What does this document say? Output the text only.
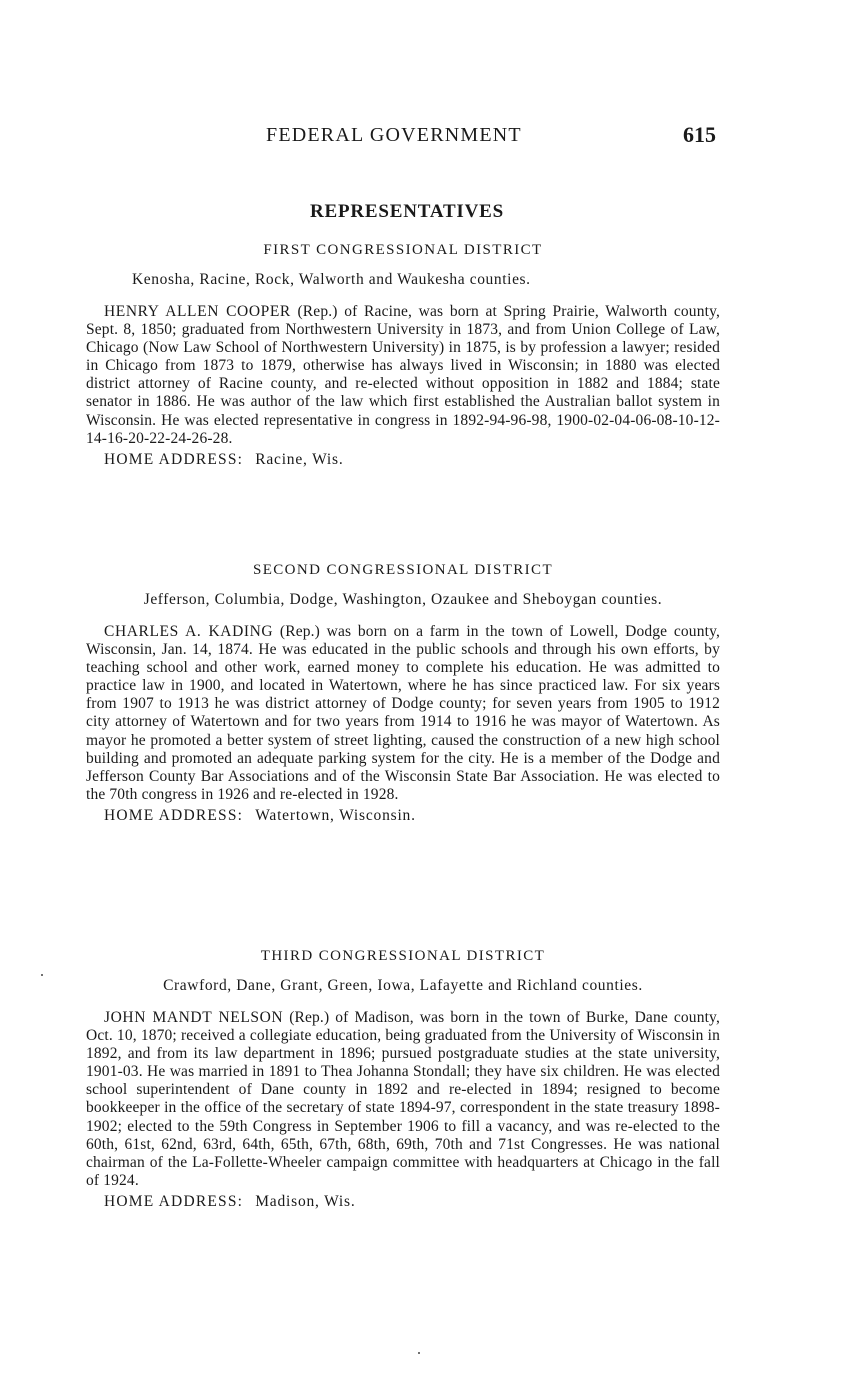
FEDERAL GOVERNMENT	615
REPRESENTATIVES
FIRST CONGRESSIONAL DISTRICT
Kenosha, Racine, Rock, Walworth and Waukesha counties.

HENRY ALLEN COOPER (Rep.) of Racine, was born at Spring Prairie, Walworth county, Sept. 8, 1850; graduated from Northwestern University in 1873, and from Union College of Law, Chicago (Now Law School of Northwestern University) in 1875, is by profession a lawyer; resided in Chicago from 1873 to 1879, otherwise has always lived in Wisconsin; in 1880 was elected district attorney of Racine county, and re-elected without opposition in 1882 and 1884; state senator in 1886. He was author of the law which first established the Australian ballot system in Wisconsin. He was elected representative in congress in 1892-94-96-98, 1900-02-04-06-08-10-12-14-16-20-22-24-26-28.

HOME ADDRESS: Racine, Wis.
SECOND CONGRESSIONAL DISTRICT
Jefferson, Columbia, Dodge, Washington, Ozaukee and Sheboygan counties.

CHARLES A. KADING (Rep.) was born on a farm in the town of Lowell, Dodge county, Wisconsin, Jan. 14, 1874. He was educated in the public schools and through his own efforts, by teaching school and other work, earned money to complete his education. He was admitted to practice law in 1900, and located in Watertown, where he has since practiced law. For six years from 1907 to 1913 he was district attorney of Dodge county; for seven years from 1905 to 1912 city attorney of Watertown and for two years from 1914 to 1916 he was mayor of Watertown. As mayor he promoted a better system of street lighting, caused the construction of a new high school building and promoted an adequate parking system for the city. He is a member of the Dodge and Jefferson County Bar Associations and of the Wisconsin State Bar Association. He was elected to the 70th congress in 1926 and re-elected in 1928.

HOME ADDRESS: Watertown, Wisconsin.
THIRD CONGRESSIONAL DISTRICT
Crawford, Dane, Grant, Green, Iowa, Lafayette and Richland counties.

JOHN MANDT NELSON (Rep.) of Madison, was born in the town of Burke, Dane county, Oct. 10, 1870; received a collegiate education, being graduated from the University of Wisconsin in 1892, and from its law department in 1896; pursued postgraduate studies at the state university, 1901-03. He was married in 1891 to Thea Johanna Stondall; they have six children. He was elected school superintendent of Dane county in 1892 and re-elected in 1894; resigned to become bookkeeper in the office of the secretary of state 1894-97, correspondent in the state treasury 1898-1902; elected to the 59th Congress in September 1906 to fill a vacancy, and was re-elected to the 60th, 61st, 62nd, 63rd, 64th, 65th, 67th, 68th, 69th, 70th and 71st Congresses. He was national chairman of the La-Follette-Wheeler campaign committee with headquarters at Chicago in the fall of 1924.

HOME ADDRESS: Madison, Wis.
